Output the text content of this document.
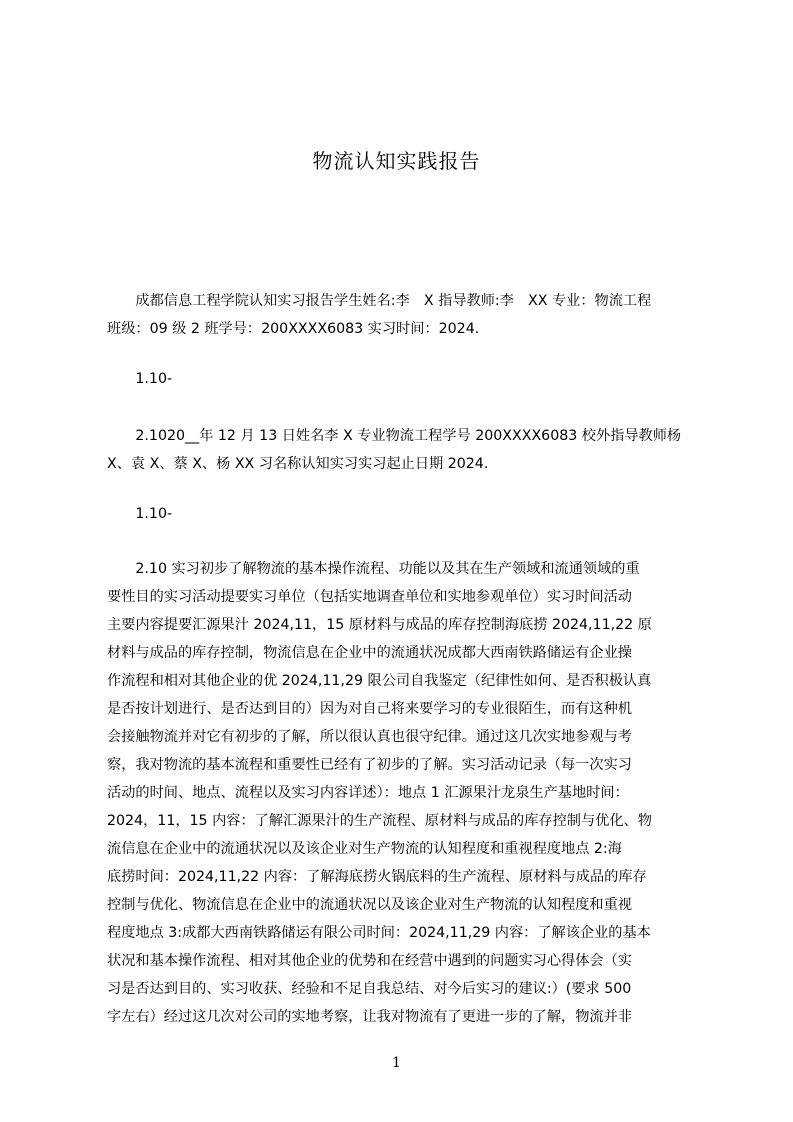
物流认知实践报告
　　成都信息工程学院认知实习报告学生姓名:李　X 指导教师:李　XX 专业：物流工程
班级：09 级 2 班学号：200XXXX6083 实习时间：2024.
　　1.10-
　　2.1020__年 12 月 13 日姓名李 X 专业物流工程学号 200XXXX6083 校外指导教师杨
X、袁 X、蔡 X、杨 XX 习名称认知实习实习起止日期 2024.
　　1.10-
　　2.10 实习初步了解物流的基本操作流程、功能以及其在生产领域和流通领域的重
要性目的实习活动提要实习单位（包括实地调查单位和实地参观单位）实习时间活动
主要内容提要汇源果汁 2024,11，15 原材料与成品的库存控制海底捞 2024,11,22 原
材料与成品的库存控制，物流信息在企业中的流通状况成都大西南铁路储运有企业操
作流程和相对其他企业的优 2024,11,29 限公司自我鉴定（纪律性如何、是否积极认真
是否按计划进行、是否达到目的）因为对自己将来要学习的专业很陌生，而有这种机
会接触物流并对它有初步的了解，所以很认真也很守纪律。通过这几次实地参观与考
察，我对物流的基本流程和重要性已经有了初步的了解。实习活动记录（每一次实习
活动的时间、地点、流程以及实习内容详述）：地点 1 汇源果汁龙泉生产基地时间：
2024，11，15 内容：了解汇源果汁的生产流程、原材料与成品的库存控制与优化、物
流信息在企业中的流通状况以及该企业对生产物流的认知程度和重视程度地点 2:海
底捞时间：2024,11,22 内容：了解海底捞火锅底料的生产流程、原材料与成品的库存
控制与优化、物流信息在企业中的流通状况以及该企业对生产物流的认知程度和重视
程度地点 3:成都大西南铁路储运有限公司时间：2024,11,29 内容：了解该企业的基本
状况和基本操作流程、相对其他企业的优势和在经营中遇到的问题实习心得体会（实
习是否达到目的、实习收获、经验和不足自我总结、对今后实习的建议:）(要求 500
字左右）经过这几次对公司的实地考察，让我对物流有了更进一步的了解，物流并非
1
